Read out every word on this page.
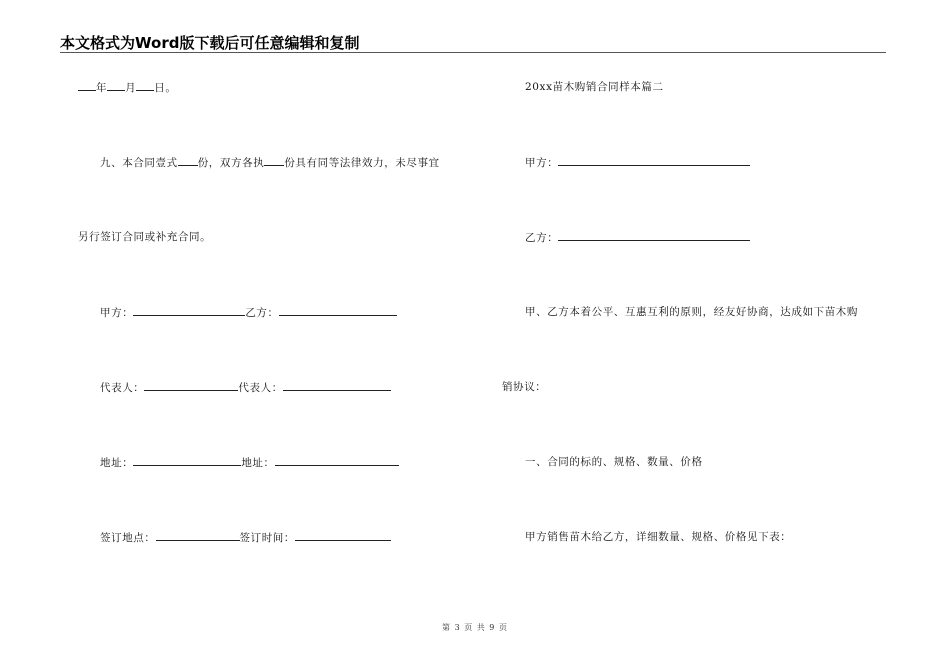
本文格式为Word版下载后可任意编辑和复制
年 月 日。
九、本合同壹式 份，双方各执 份具有同等法律效力，未尽事宜
另行签订合同或补充合同。
甲方：	乙方：
代表人：	代表人：
地址：	地址：
签订地点：	签订时间：
20xx苗木购销合同样本篇二
甲方：
乙方：
甲、乙方本着公平、互惠互利的原则，经友好协商，达成如下苗木购
销协议：
一、合同的标的、规格、数量、价格
甲方销售苗木给乙方，详细数量、规格、价格见下表：
第 3 页 共 9 页
